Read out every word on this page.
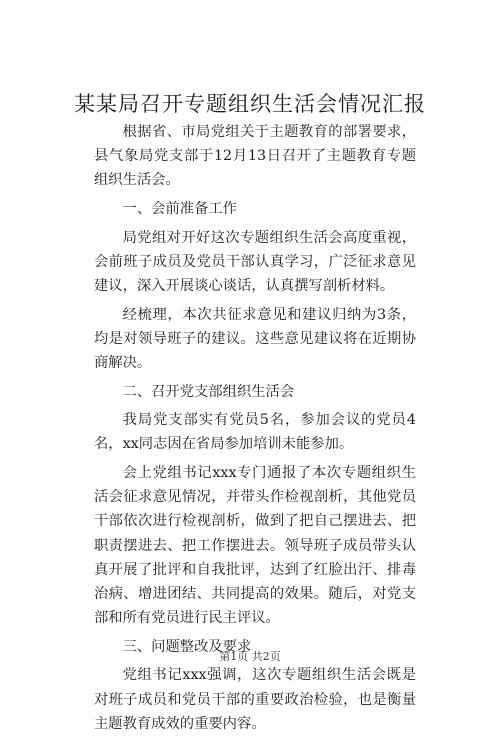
某某局召开专题组织生活会情况汇报

根据省、市局党组关于主题教育的部署要求，县气象局党支部于12月13日召开了主题教育专题组织生活会。

一、会前准备工作

局党组对开好这次专题组织生活会高度重视，会前班子成员及党员干部认真学习，广泛征求意见建议，深入开展谈心谈话，认真撰写剖析材料。

经梳理，本次共征求意见和建议归纳为3条，均是对领导班子的建议。这些意见建议将在近期协商解决。

二、召开党支部组织生活会

我局党支部实有党员5名，参加会议的党员4名，xx同志因在省局参加培训未能参加。

会上党组书记xxx专门通报了本次专题组织生活会征求意见情况，并带头作检视剖析，其他党员干部依次进行检视剖析，做到了把自己摆进去、把职责摆进去、把工作摆进去。领导班子成员带头认真开展了批评和自我批评，达到了红脸出汗、排毒治病、增进团结、共同提高的效果。随后，对党支部和所有党员进行民主评议。

三、问题整改及要求

党组书记xxx强调，这次专题组织生活会既是对班子成员和党员干部的重要政治检验，也是衡量主题教育成效的重要内容。

第1页 共2页
